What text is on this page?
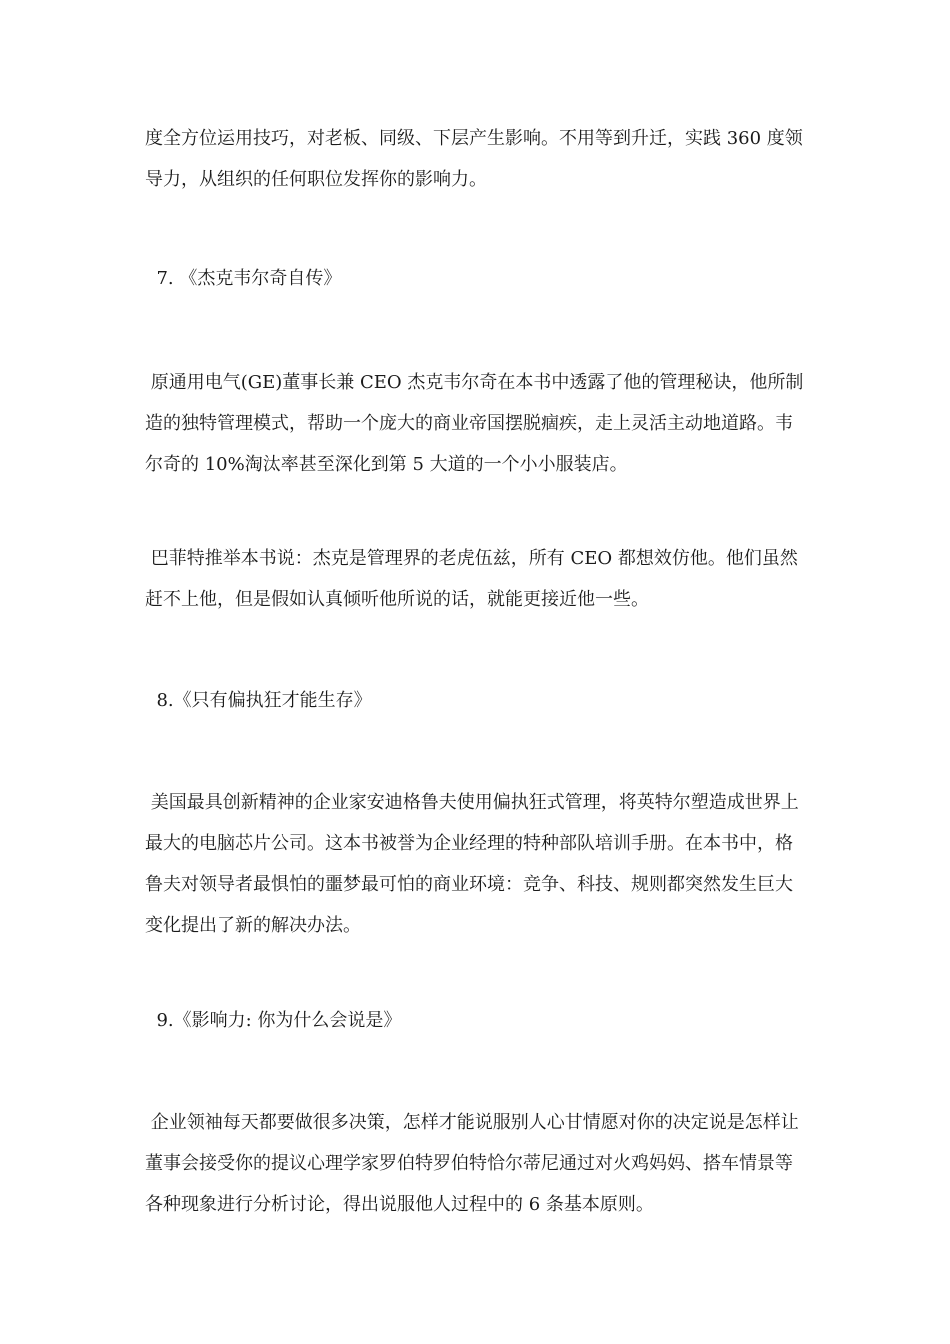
度全方位运用技巧，对老板、同级、下层产生影响。不用等到升迁，实践 360 度领导力，从组织的任何职位发挥你的影响力。

7. 《杰克韦尔奇自传》

原通用电气(GE)董事长兼 CEO 杰克韦尔奇在本书中透露了他的管理秘诀，他所制造的独特管理模式，帮助一个庞大的商业帝国摆脱痼疾，走上灵活主动地道路。韦尔奇的 10%淘汰率甚至深化到第 5 大道的一个小小服装店。

巴菲特推举本书说：杰克是管理界的老虎伍兹，所有 CEO 都想效仿他。他们虽然赶不上他，但是假如认真倾听他所说的话，就能更接近他一些。

8.《只有偏执狂才能生存》

美国最具创新精神的企业家安迪格鲁夫使用偏执狂式管理，将英特尔塑造成世界上最大的电脑芯片公司。这本书被誉为企业经理的特种部队培训手册。在本书中，格鲁夫对领导者最惧怕的噩梦最可怕的商业环境：竞争、科技、规则都突然发生巨大变化提出了新的解决办法。

9.《影响力: 你为什么会说是》

企业领袖每天都要做很多决策，怎样才能说服别人心甘情愿对你的决定说是怎样让董事会接受你的提议心理学家罗伯特罗伯特恰尔蒂尼通过对火鸡妈妈、搭车情景等各种现象进行分析讨论，得出说服他人过程中的 6 条基本原则。
